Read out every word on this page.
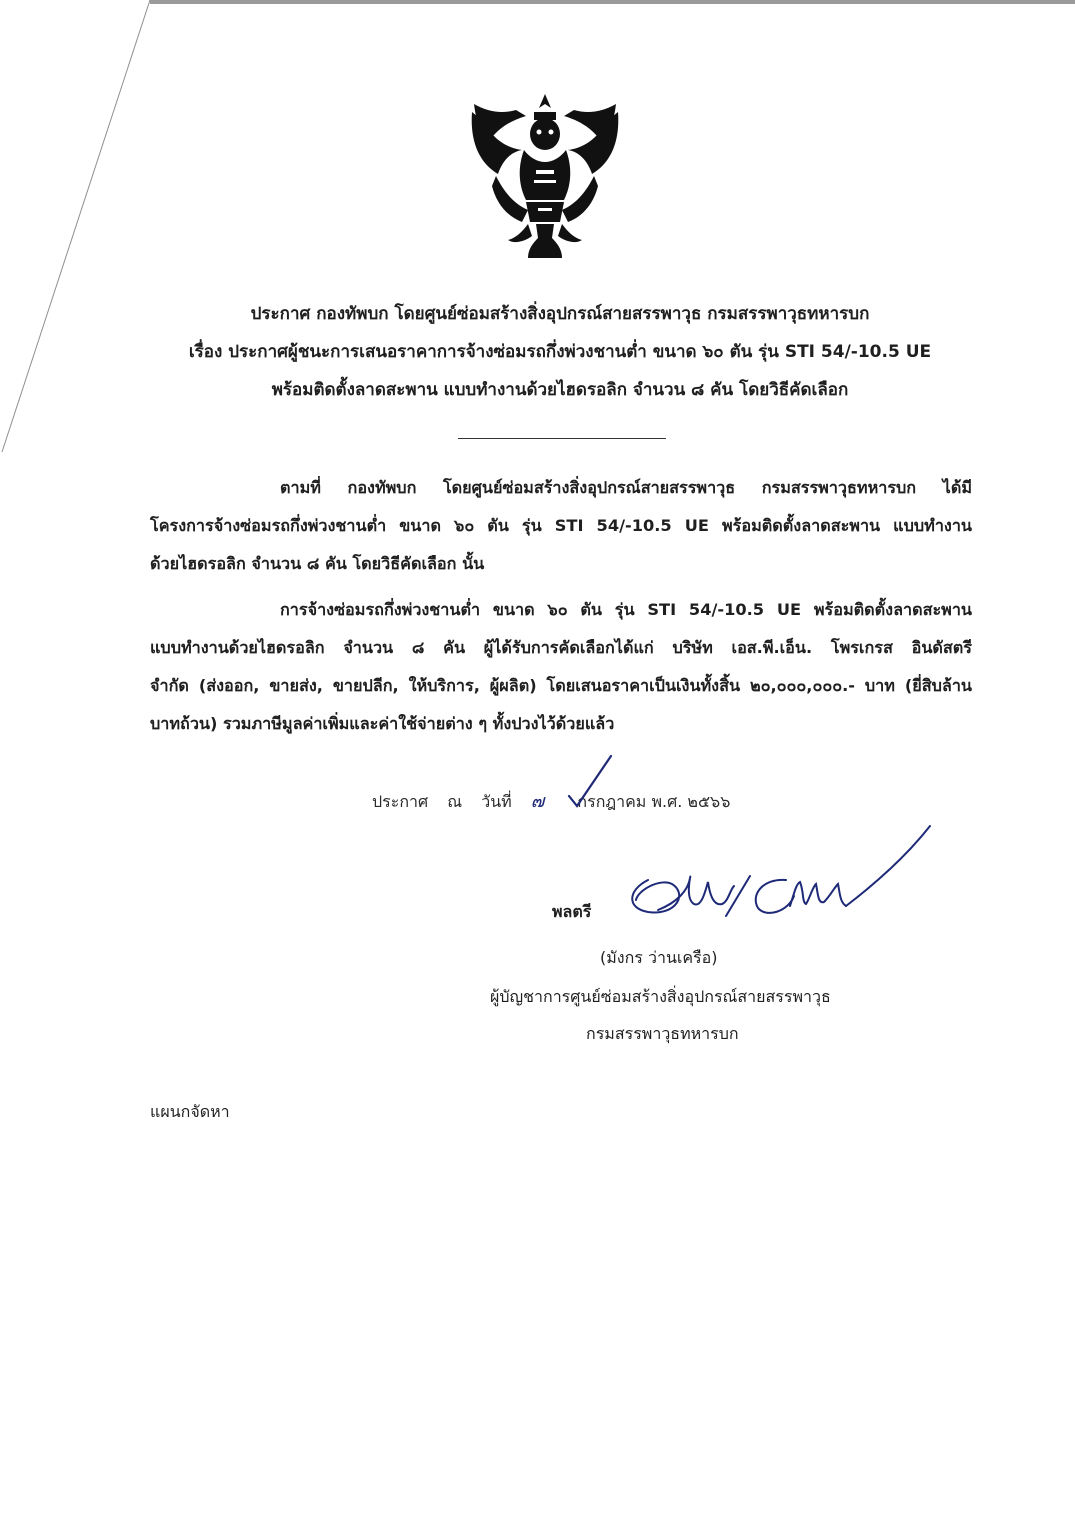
ประกาศ กองทัพบก โดยศูนย์ซ่อมสร้างสิ่งอุปกรณ์สายสรรพาวุธ กรมสรรพาวุธทหารบก
เรื่อง ประกาศผู้ชนะการเสนอราคาการจ้างซ่อมรถกึ่งพ่วงชานต่ำ ขนาด ๖๐ ตัน รุ่น STI 54/-10.5 UE
พร้อมติดตั้งลาดสะพาน แบบทำงานด้วยไฮดรอลิก จำนวน ๘ คัน โดยวิธีคัดเลือก
ตามที่ กองทัพบก โดยศูนย์ซ่อมสร้างสิ่งอุปกรณ์สายสรรพาวุธ กรมสรรพาวุธทหารบก ได้มี
โครงการจ้างซ่อมรถกึ่งพ่วงชานต่ำ ขนาด ๖๐ ตัน รุ่น STI 54/-10.5 UE พร้อมติดตั้งลาดสะพาน แบบทำงาน
ด้วยไฮดรอลิก จำนวน ๘ คัน โดยวิธีคัดเลือก นั้น
การจ้างซ่อมรถกึ่งพ่วงชานต่ำ ขนาด ๖๐ ตัน รุ่น STI 54/-10.5 UE พร้อมติดตั้งลาดสะพาน
แบบทำงานด้วยไฮดรอลิก จำนวน ๘ คัน ผู้ได้รับการคัดเลือกได้แก่ บริษัท เอส.พี.เอ็น. โพรเกรส อินดัสตรี
จำกัด (ส่งออก, ขายส่ง, ขายปลีก, ให้บริการ, ผู้ผลิต) โดยเสนอราคาเป็นเงินทั้งสิ้น ๒๐,๐๐๐,๐๐๐.- บาท (ยี่สิบล้าน
บาทถ้วน) รวมภาษีมูลค่าเพิ่มและค่าใช้จ่ายต่าง ๆ ทั้งปวงไว้ด้วยแล้ว
ประกาศ ณ วันที่ ๗ กรกฎาคม พ.ศ. ๒๕๖๖
พลตรี
(มังกร ว่านเครือ)
ผู้บัญชาการศูนย์ซ่อมสร้างสิ่งอุปกรณ์สายสรรพาวุธ
กรมสรรพาวุธทหารบก
แผนกจัดหา
